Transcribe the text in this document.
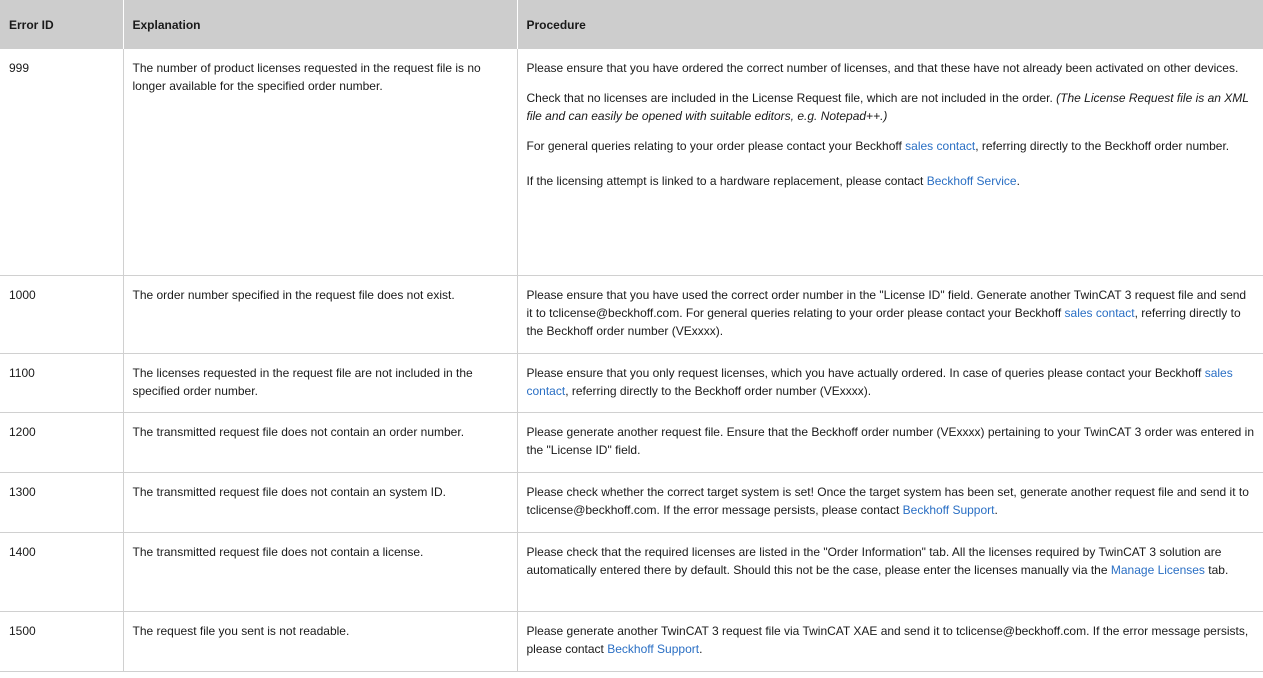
Error ID	Explanation	Procedure
999	The number of product licenses requested in the request file is no longer available for the specified order number.	Please ensure that you have ordered the correct number of licenses, and that these have not already been activated on other devices.

Check that no licenses are included in the License Request file, which are not included in the order. (The License Request file is an XML file and can easily be opened with suitable editors, e.g. Notepad++.)

For general queries relating to your order please contact your Beckhoff sales contact, referring directly to the Beckhoff order number.

If the licensing attempt is linked to a hardware replacement, please contact Beckhoff Service.

1000	The order number specified in the request file does not exist.	Please ensure that you have used the correct order number in the "License ID" field. Generate another TwinCAT 3 request file and send it to tclicense@beckhoff.com. For general queries relating to your order please contact your Beckhoff sales contact, referring directly to the Beckhoff order number (VExxxx).
1100	The licenses requested in the request file are not included in the specified order number.	Please ensure that you only request licenses, which you have actually ordered. In case of queries please contact your Beckhoff sales contact, referring directly to the Beckhoff order number (VExxxx).
1200	The transmitted request file does not contain an order number.	Please generate another request file. Ensure that the Beckhoff order number (VExxxx) pertaining to your TwinCAT 3 order was entered in the "License ID" field.
1300	The transmitted request file does not contain an system ID.	Please check whether the correct target system is set! Once the target system has been set, generate another request file and send it to tclicense@beckhoff.com. If the error message persists, please contact Beckhoff Support.
1400	The transmitted request file does not contain a license.	Please check that the required licenses are listed in the "Order Information" tab. All the licenses required by TwinCAT 3 solution are automatically entered there by default. Should this not be the case, please enter the licenses manually via the Manage Licenses tab.
1500	The request file you sent is not readable.	Please generate another TwinCAT 3 request file via TwinCAT XAE and send it to tclicense@beckhoff.com. If the error message persists, please contact Beckhoff Support.
